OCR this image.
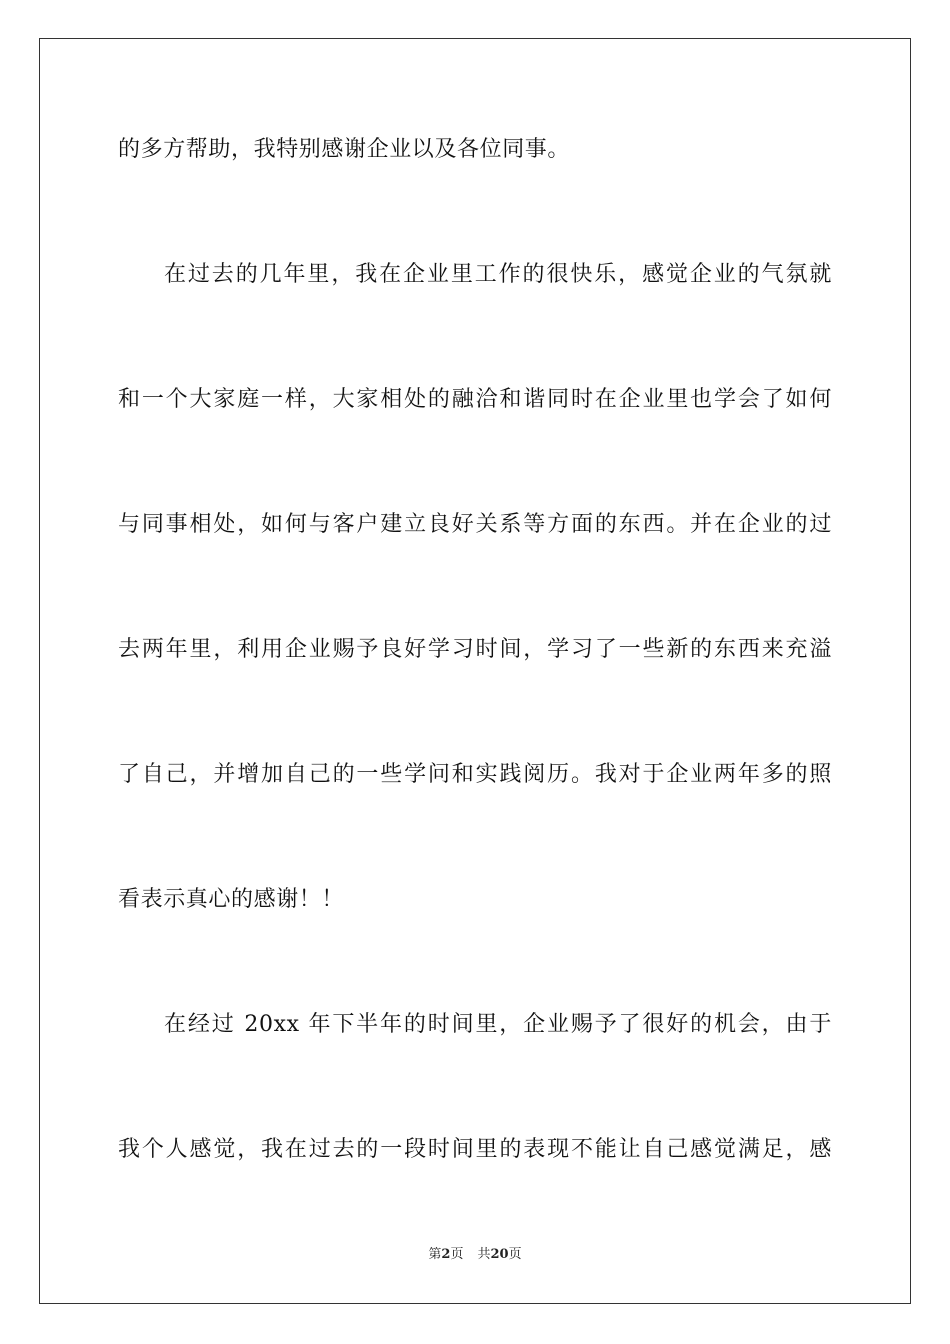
的多方帮助，我特别感谢企业以及各位同事。
在过去的几年里，我在企业里工作的很快乐，感觉企业的气氛就
和一个大家庭一样，大家相处的融洽和谐同时在企业里也学会了如何
与同事相处，如何与客户建立良好关系等方面的东西。并在企业的过
去两年里，利用企业赐予良好学习时间，学习了一些新的东西来充溢
了自己，并增加自己的一些学问和实践阅历。我对于企业两年多的照
看表示真心的感谢！！
在经过 20xx 年下半年的时间里，企业赐予了很好的机会，由于
我个人感觉，我在过去的一段时间里的表现不能让自己感觉满足，感
第2页 共20页
